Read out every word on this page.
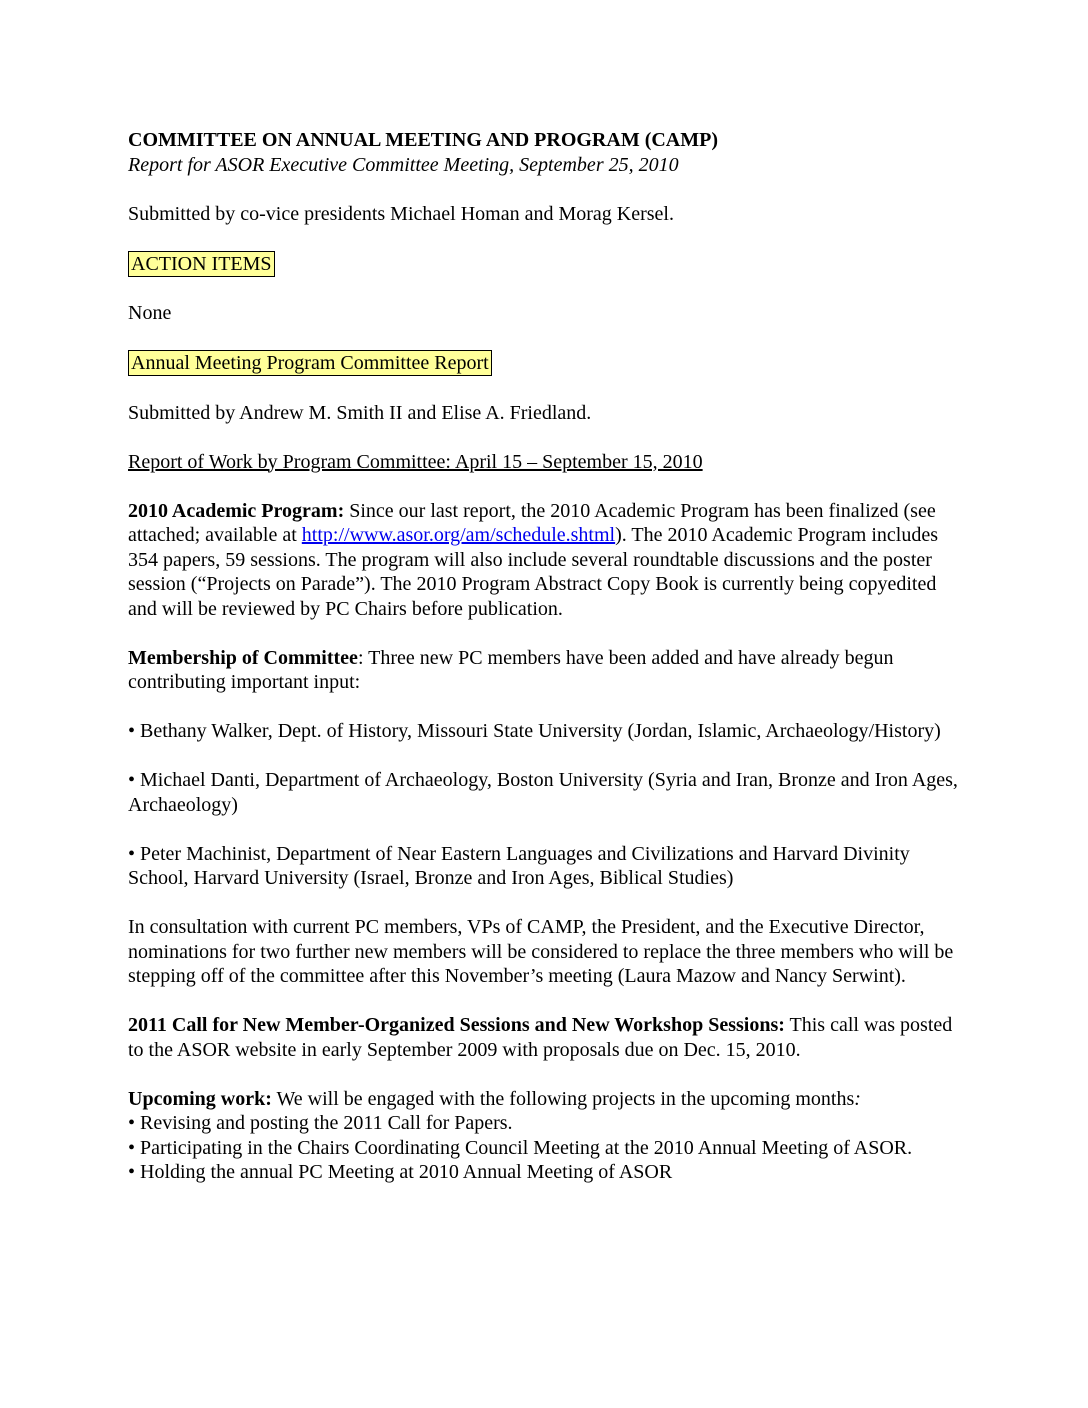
COMMITTEE ON ANNUAL MEETING AND PROGRAM (CAMP)

Report for ASOR Executive Committee Meeting, September 25, 2010

Submitted by co-vice presidents Michael Homan and Morag Kersel.

ACTION ITEMS

None

Annual Meeting Program Committee Report

Submitted by Andrew M. Smith II and Elise A. Friedland.

Report of Work by Program Committee: April 15 – September 15, 2010

2010 Academic Program: Since our last report, the 2010 Academic Program has been finalized (see attached; available at http://www.asor.org/am/schedule.shtml). The 2010 Academic Program includes 354 papers, 59 sessions. The program will also include several roundtable discussions and the poster session (“Projects on Parade”). The 2010 Program Abstract Copy Book is currently being copyedited and will be reviewed by PC Chairs before publication.

Membership of Committee: Three new PC members have been added and have already begun contributing important input:

• Bethany Walker, Dept. of History, Missouri State University (Jordan, Islamic, Archaeology/History)

• Michael Danti, Department of Archaeology, Boston University (Syria and Iran, Bronze and Iron Ages, Archaeology)

• Peter Machinist, Department of Near Eastern Languages and Civilizations and Harvard Divinity School, Harvard University (Israel, Bronze and Iron Ages, Biblical Studies)

In consultation with current PC members, VPs of CAMP, the President, and the Executive Director, nominations for two further new members will be considered to replace the three members who will be stepping off of the committee after this November’s meeting (Laura Mazow and Nancy Serwint).

2011 Call for New Member-Organized Sessions and New Workshop Sessions: This call was posted to the ASOR website in early September 2009 with proposals due on Dec. 15, 2010.

Upcoming work: We will be engaged with the following projects in the upcoming months:

• Revising and posting the 2011 Call for Papers.

• Participating in the Chairs Coordinating Council Meeting at the 2010 Annual Meeting of ASOR.

• Holding the annual PC Meeting at 2010 Annual Meeting of ASOR
